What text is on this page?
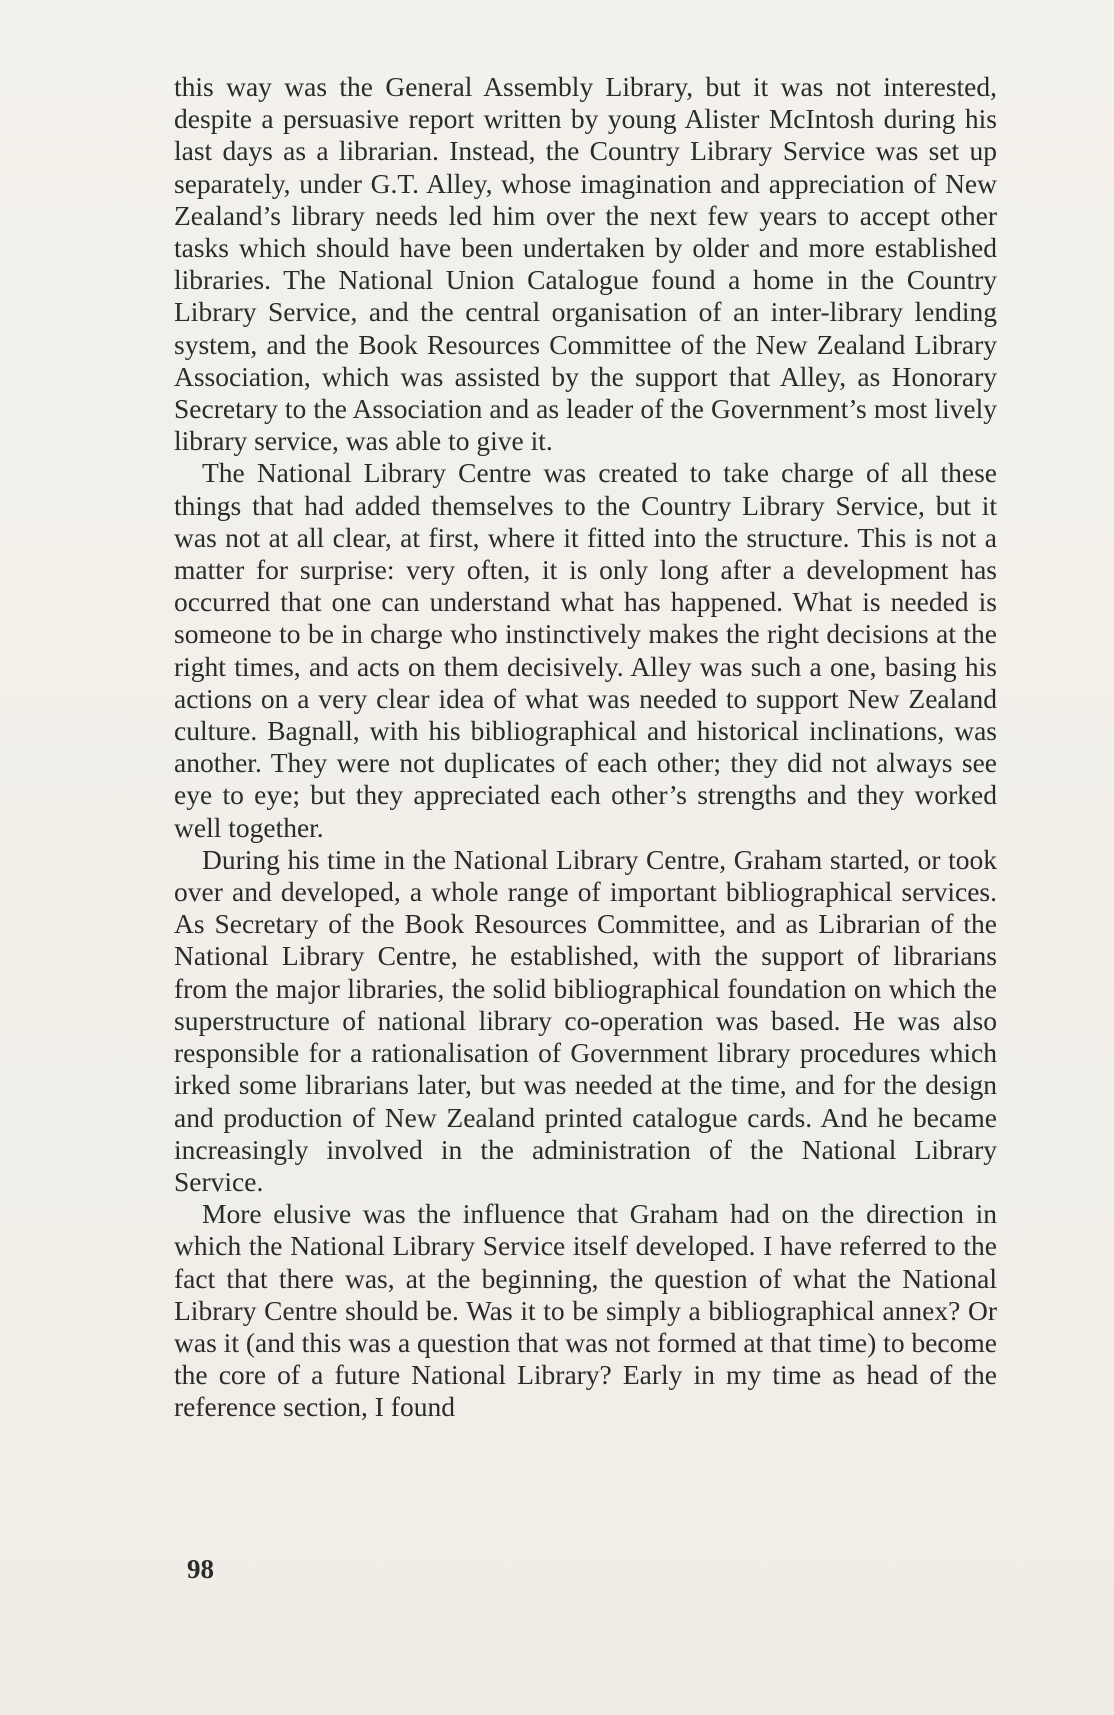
this way was the General Assembly Library, but it was not interested, despite a persuasive report written by young Alister McIntosh during his last days as a librarian. Instead, the Country Library Service was set up separately, under G.T. Alley, whose imagination and appreciation of New Zealand’s library needs led him over the next few years to accept other tasks which should have been undertaken by older and more established libraries. The National Union Catalogue found a home in the Country Library Service, and the central organisation of an inter-library lending system, and the Book Resources Committee of the New Zealand Library Association, which was assisted by the support that Alley, as Honorary Secretary to the Association and as leader of the Government’s most lively library service, was able to give it.

The National Library Centre was created to take charge of all these things that had added themselves to the Country Library Service, but it was not at all clear, at first, where it fitted into the structure. This is not a matter for surprise: very often, it is only long after a development has occurred that one can understand what has happened. What is needed is someone to be in charge who instinctively makes the right decisions at the right times, and acts on them decisively. Alley was such a one, basing his actions on a very clear idea of what was needed to support New Zealand culture. Bagnall, with his bibliographical and historical inclinations, was another. They were not duplicates of each other; they did not always see eye to eye; but they appreciated each other’s strengths and they worked well together.

During his time in the National Library Centre, Graham started, or took over and developed, a whole range of important bibliographical services. As Secretary of the Book Resources Committee, and as Librarian of the National Library Centre, he established, with the support of librarians from the major libraries, the solid bibliographical foundation on which the superstructure of national library co-operation was based. He was also responsible for a rationalisation of Government library procedures which irked some librarians later, but was needed at the time, and for the design and production of New Zealand printed catalogue cards. And he became increasingly involved in the administration of the National Library Service.

More elusive was the influence that Graham had on the direction in which the National Library Service itself developed. I have referred to the fact that there was, at the beginning, the question of what the National Library Centre should be. Was it to be simply a bibliographical annex? Or was it (and this was a question that was not formed at that time) to become the core of a future National Library? Early in my time as head of the reference section, I found

98
